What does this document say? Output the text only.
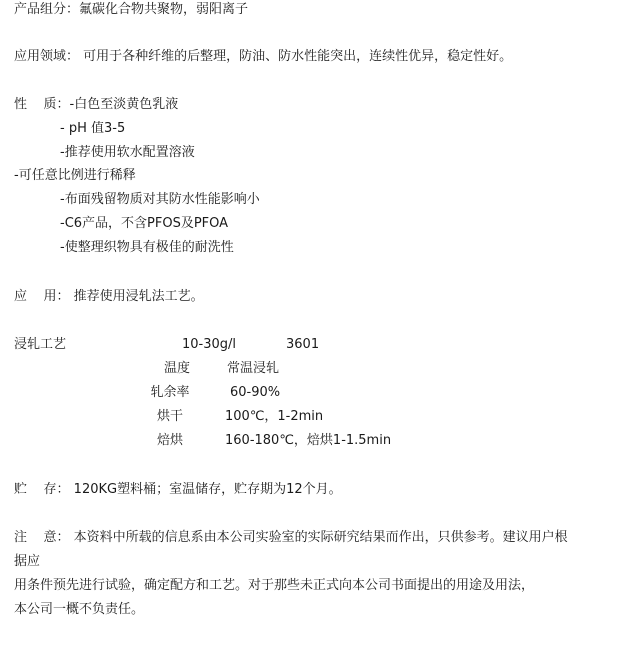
产品组分：氟碳化合物共聚物，弱阳离子
应用领域： 可用于各种纤维的后整理，防油、防水性能突出，连续性优异，稳定性好。
性    质：-白色至淡黄色乳液
- pH 值3-5
-推荐使用软水配置溶液
-可任意比例进行稀释
-布面残留物质对其防水性能影响小
-C6产品，不含PFOS及PFOA
-使整理织物具有极佳的耐洗性
应    用： 推荐使用浸轧法工艺。
浸轧工艺	10-30g/l	3601
温度	常温浸轧
轧余率	60-90%
烘干	100℃，1-2min
焙烘	160-180℃，焙烘1-1.5min
贮    存： 120KG塑料桶；室温储存，贮存期为12个月。
注    意： 本资料中所载的信息系由本公司实验室的实际研究结果而作出，只供参考。建议用户根
据应
用条件预先进行试验，确定配方和工艺。对于那些未正式向本公司书面提出的用途及用法，
本公司一概不负责任。
